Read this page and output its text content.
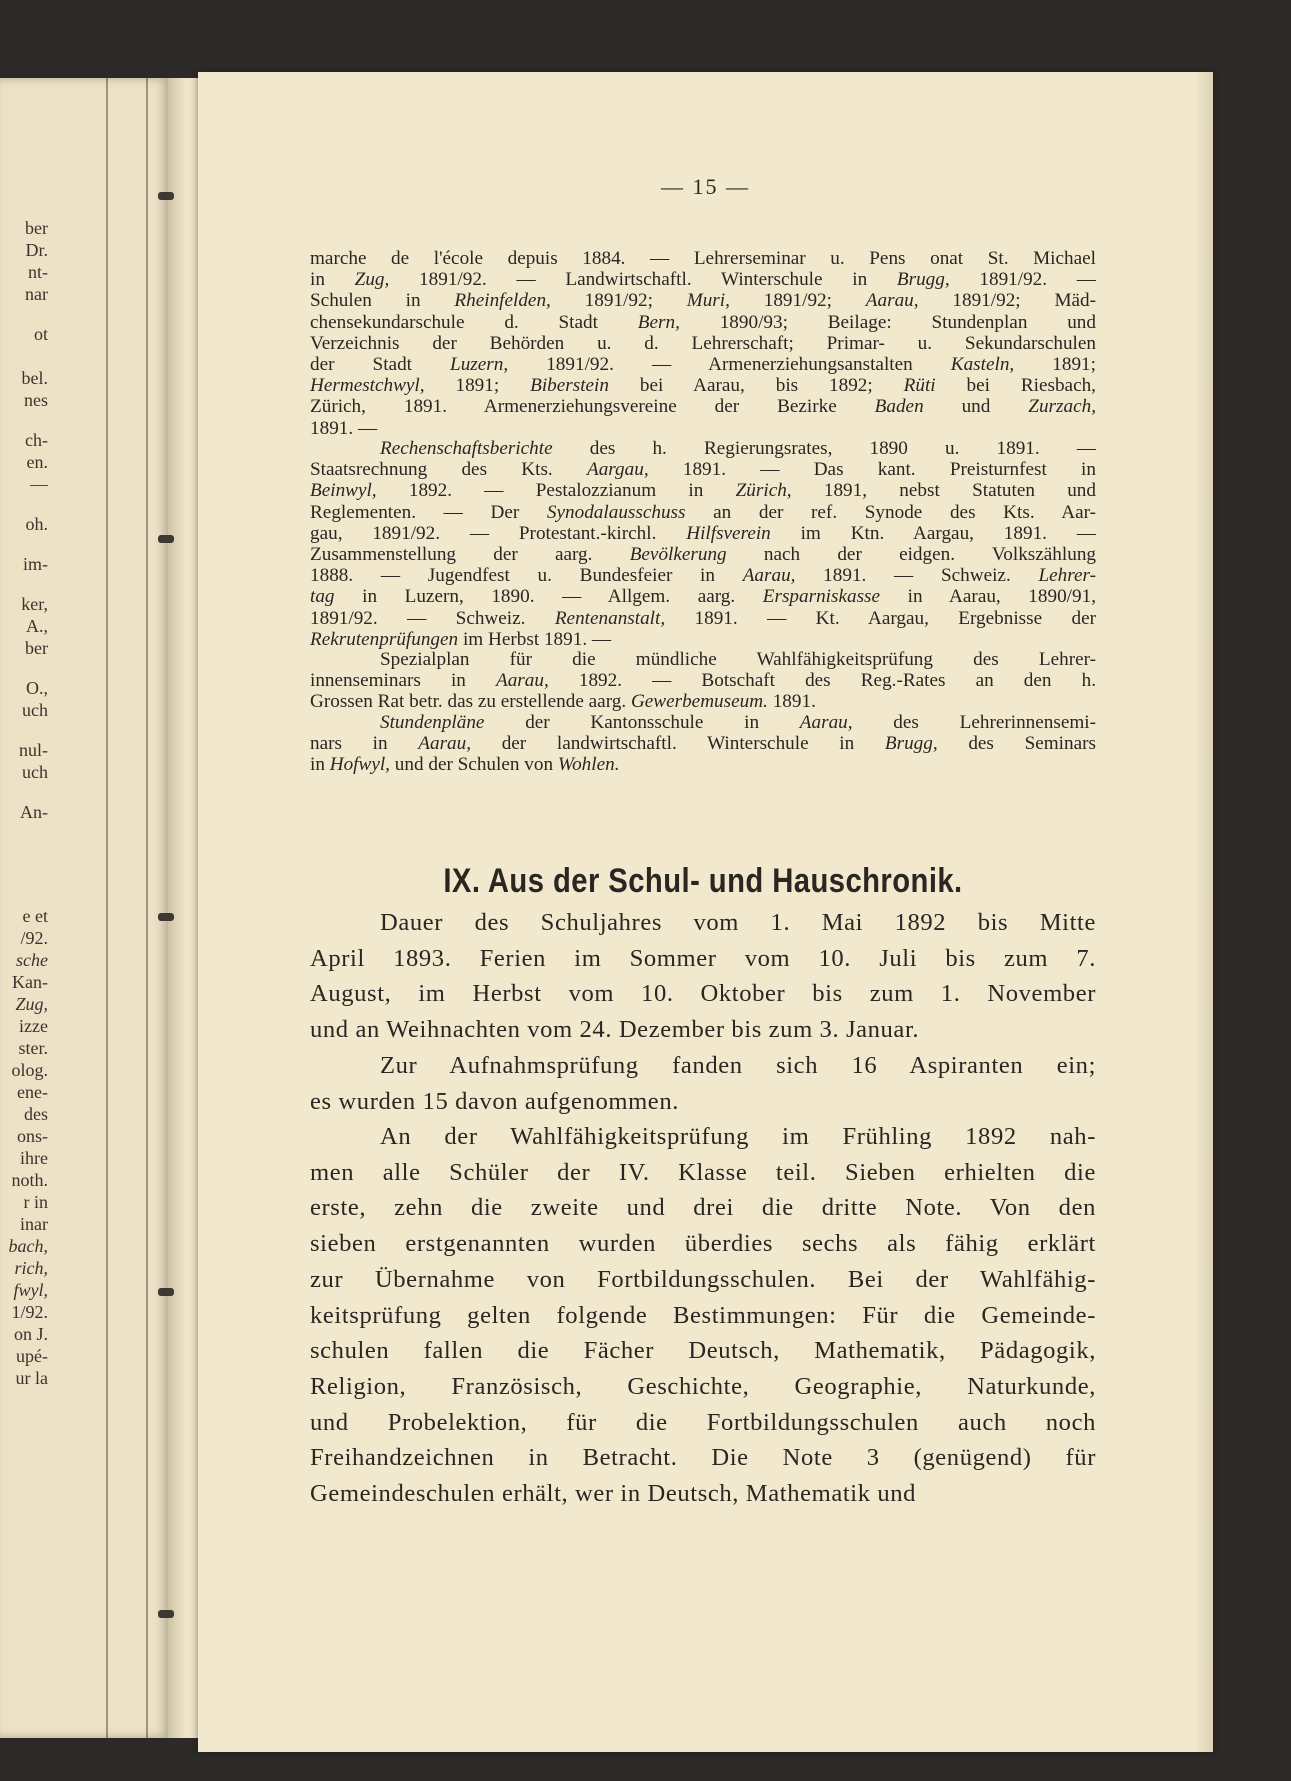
ber
Dr.
nt-
nar
ot
bel.
nes
ch-
en.
—
oh.
im-
ker,
A.,
ber
O.,
uch
nul-
uch
An-
e et
/92.
sche
Kan-
Zug,
izze
ster.
olog.
ene-
des
ons-
ihre
noth.
r in
inar
bach,
rich,
fwyl,
1/92.
on J.
upé-
ur la
— 15 —
marche de l'école depuis 1884. — Lehrerseminar u. Pens onat St. Michael
in Zug, 1891/92. — Landwirtschaftl. Winterschule in Brugg, 1891/92. —
Schulen in Rheinfelden, 1891/92; Muri, 1891/92; Aarau, 1891/92; Mäd-
chensekundarschule d. Stadt Bern, 1890/93; Beilage: Stundenplan und
Verzeichnis der Behörden u. d. Lehrerschaft; Primar- u. Sekundarschulen
der Stadt Luzern, 1891/92. — Armenerziehungsanstalten Kasteln, 1891;
Hermestchwyl, 1891; Biberstein bei Aarau, bis 1892; Rüti bei Riesbach,
Zürich, 1891. Armenerziehungsvereine der Bezirke Baden und Zurzach,
1891. —
Rechenschaftsberichte des h. Regierungsrates, 1890 u. 1891. —
Staatsrechnung des Kts. Aargau, 1891. — Das kant. Preisturnfest in
Beinwyl, 1892. — Pestalozzianum in Zürich, 1891, nebst Statuten und
Reglementen. — Der Synodalausschuss an der ref. Synode des Kts. Aar-
gau, 1891/92. — Protestant.-kirchl. Hilfsverein im Ktn. Aargau, 1891. —
Zusammenstellung der aarg. Bevölkerung nach der eidgen. Volkszählung
1888. — Jugendfest u. Bundesfeier in Aarau, 1891. — Schweiz. Lehrer-
tag in Luzern, 1890. — Allgem. aarg. Ersparniskasse in Aarau, 1890/91,
1891/92. — Schweiz. Rentenanstalt, 1891. — Kt. Aargau, Ergebnisse der
Rekrutenprüfungen im Herbst 1891. —
Spezialplan für die mündliche Wahlfähigkeitsprüfung des Lehrer-
innenseminars in Aarau, 1892. — Botschaft des Reg.-Rates an den h.
Grossen Rat betr. das zu erstellende aarg. Gewerbemuseum. 1891.
Stundenpläne der Kantonsschule in Aarau, des Lehrerinnensemi-
nars in Aarau, der landwirtschaftl. Winterschule in Brugg, des Seminars
in Hofwyl, und der Schulen von Wohlen.
IX. Aus der Schul- und Hauschronik.
Dauer des Schuljahres vom 1. Mai 1892 bis Mitte
April 1893. Ferien im Sommer vom 10. Juli bis zum 7.
August, im Herbst vom 10. Oktober bis zum 1. November
und an Weihnachten vom 24. Dezember bis zum 3. Januar.
Zur Aufnahmsprüfung fanden sich 16 Aspiranten ein;
es wurden 15 davon aufgenommen.
An der Wahlfähigkeitsprüfung im Frühling 1892 nah-
men alle Schüler der IV. Klasse teil. Sieben erhielten die
erste, zehn die zweite und drei die dritte Note. Von den
sieben erstgenannten wurden überdies sechs als fähig erklärt
zur Übernahme von Fortbildungsschulen. Bei der Wahlfähig-
keitsprüfung gelten folgende Bestimmungen: Für die Gemeinde-
schulen fallen die Fächer Deutsch, Mathematik, Pädagogik,
Religion, Französisch, Geschichte, Geographie, Naturkunde,
und Probelektion, für die Fortbildungsschulen auch noch
Freihandzeichnen in Betracht. Die Note 3 (genügend) für
Gemeindeschulen erhält, wer in Deutsch, Mathematik und
